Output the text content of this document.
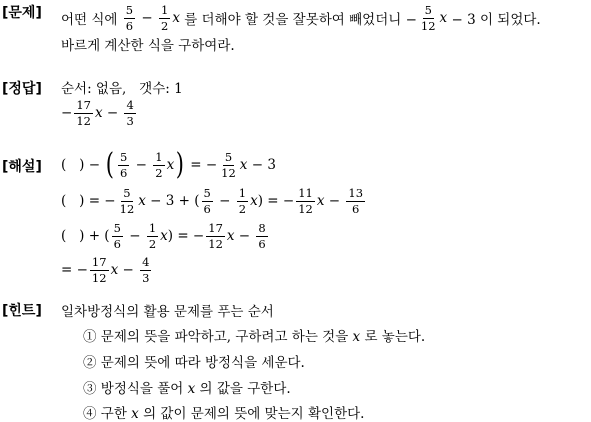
[문제]
[정답]
[해설]
[힌트]
어떤 식에 $\frac{5}{6} - \frac{1}{2}$ x 를 더해야 할 것을 잘못하여 빼었더니 − $\frac{5}{12}$ x − 3 이 되었다.
바르게 계산한 식을 구하여라.
순서: 없음,   갯수: 1
− $\frac{17}{12}$ $x - \frac{4}{3}$
(   ) − ( $\frac{5}{6} - \frac{1}{2}$ x ) = − $\frac{5}{12}$ x − 3
(   ) = − $\frac{5}{12}$ x − 3 + ( $\frac{5}{6} - \frac{1}{2}$ x ) = − $\frac{11}{12}$ $x - \frac{13}{6}$
(   ) + ( $\frac{5}{6} - \frac{1}{2}$ x ) = − $\frac{17}{12}$ $x - \frac{8}{6}$
= − $\frac{17}{12}$ $x - \frac{4}{3}$
일차방정식의 활용 문제를 푸는 순서
① 문제의 뜻을 파악하고, 구하려고 하는 것을 x 로 놓는다.
② 문제의 뜻에 따라 방정식을 세운다.
③ 방정식을 풀어 x 의 값을 구한다.
④ 구한 x 의 값이 문제의 뜻에 맞는지 확인한다.
